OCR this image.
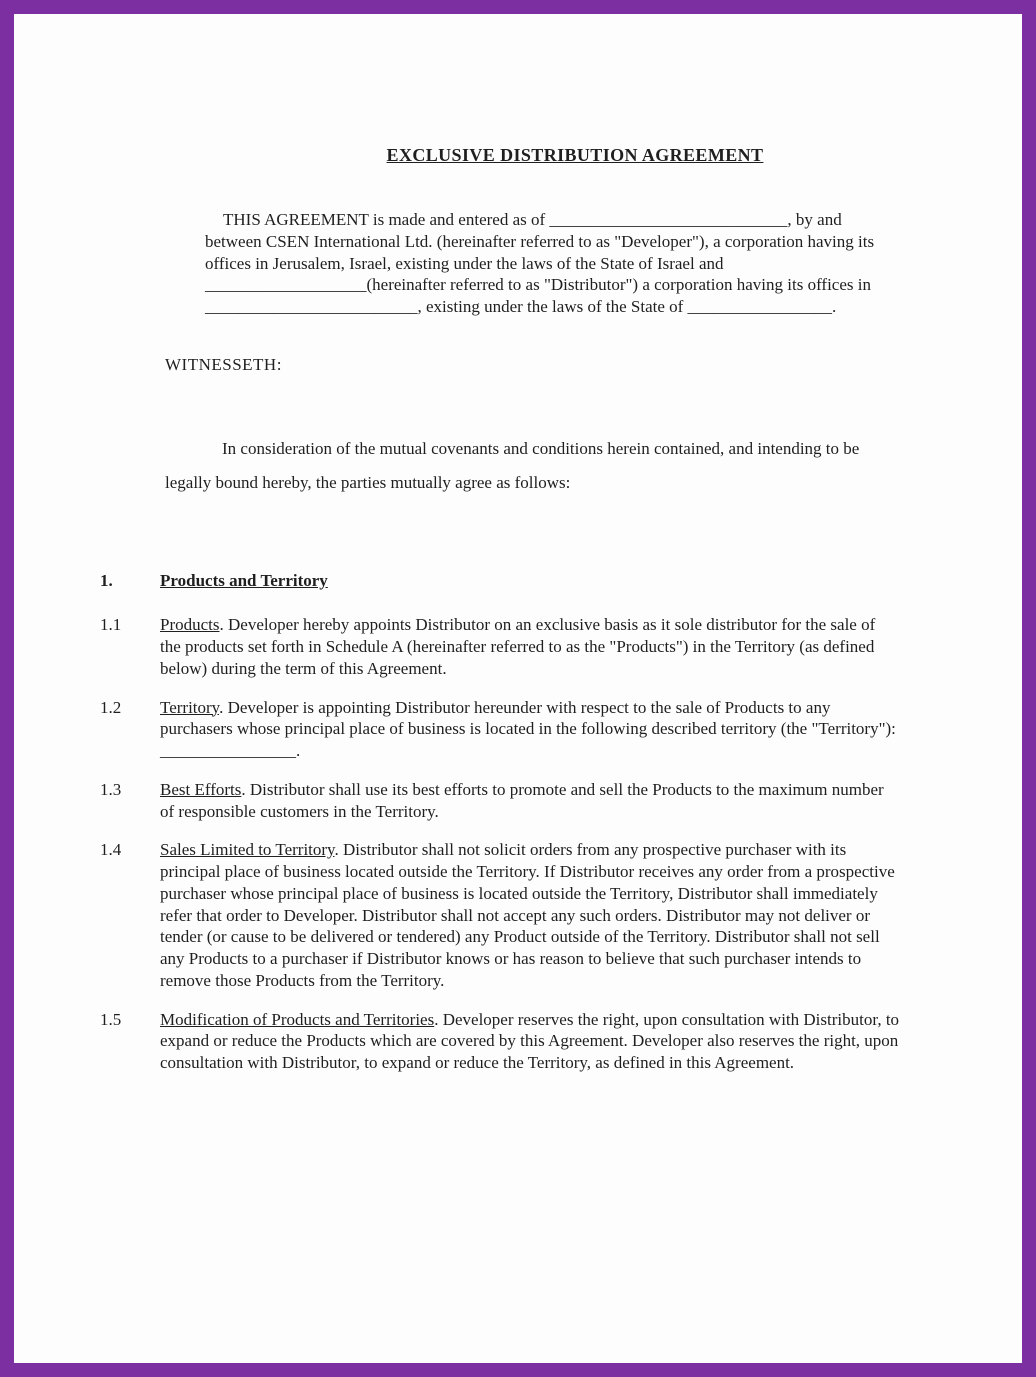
EXCLUSIVE DISTRIBUTION AGREEMENT

THIS AGREEMENT is made and entered as of ____________________________, by and between CSEN International Ltd. (hereinafter referred to as "Developer"), a corporation having its offices in Jerusalem, Israel, existing under the laws of the State of Israel and ___________________(hereinafter referred to as "Distributor") a corporation having its offices in _________________________, existing under the laws of the State of _________________.

WITNESSETH:

In consideration of the mutual covenants and conditions herein contained, and intending to be legally bound hereby, the parties mutually agree as follows:

1.	Products and Territory
1.1	Products. Developer hereby appoints Distributor on an exclusive basis as it sole distributor for the sale of the products set forth in Schedule A (hereinafter referred to as the "Products") in the Territory (as defined below) during the term of this Agreement.

1.2	Territory. Developer is appointing Distributor hereunder with respect to the sale of Products to any purchasers whose principal place of business is located in the following described territory (the "Territory"): ________________.

1.3	Best Efforts. Distributor shall use its best efforts to promote and sell the Products to the maximum number of responsible customers in the Territory.

1.4	Sales Limited to Territory. Distributor shall not solicit orders from any prospective purchaser with its principal place of business located outside the Territory. If Distributor receives any order from a prospective purchaser whose principal place of business is located outside the Territory, Distributor shall immediately refer that order to Developer. Distributor shall not accept any such orders. Distributor may not deliver or tender (or cause to be delivered or tendered) any Product outside of the Territory. Distributor shall not sell any Products to a purchaser if Distributor knows or has reason to believe that such purchaser intends to remove those Products from the Territory.

1.5	Modification of Products and Territories. Developer reserves the right, upon consultation with Distributor, to expand or reduce the Products which are covered by this Agreement. Developer also reserves the right, upon consultation with Distributor, to expand or reduce the Territory, as defined in this Agreement.
